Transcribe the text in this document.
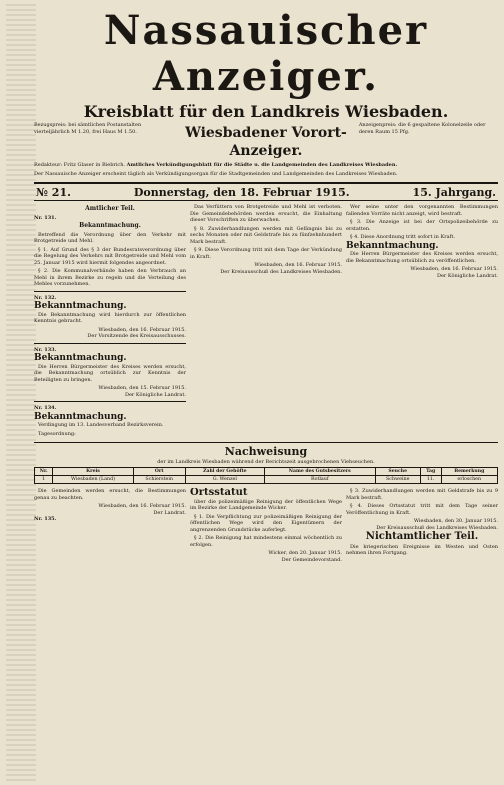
Nassauischer Anzeiger.
Kreisblatt für den Landkreis Wiesbaden.
Bezugspreis: bei sämtlichen Postanstalten vierteljährlich M 1.20, frei Haus M 1.50.	Wiesbadener Vorort-Anzeiger.
Anzeigenpreis: die 6 gespaltene Kolonelzeile oder deren Raum 15 Pfg.
Redakteur: Fritz Glaser in Biebrich. Amtliches Verkündigungsblatt für die Städte u. die Landgemeinden des Landkreises Wiesbaden.
Der Nassauische Anzeiger erscheint täglich als Verkündigungsorgan für die Stadtgemeinden und Landgemeinden des Landkreises Wiesbaden.
№ 21.	Donnerstag, den 18. Februar 1915.	15. Jahrgang.
Amtlicher Teil.
Nr. 131.
Bekanntmachung.

Betreffend die Verordnung über den Verkehr mit Brotgetreide und Mehl.

§ 1. Auf Grund des § 3 der Bundesratsverordnung über die Regelung des Verkehrs mit Brotgetreide und Mehl vom 25. Januar 1915 wird hiermit folgendes angeordnet.

§ 2. Die Kommunalverbände haben den Verbrauch an Mehl in ihrem Bezirke zu regeln und die Verteilung des Mehles vorzunehmen.

Nr. 132.
Bekanntmachung.

Die Bekanntmachung wird hierdurch zur öffentlichen Kenntnis gebracht.

Wiesbaden, den 16. Februar 1915.
Der Vorsitzende des Kreisausschusses.
Nr. 133.
Bekanntmachung.

Die Herren Bürgermeister des Kreises werden ersucht, die Bekanntmachung ortsüblich zur Kenntnis der Beteiligten zu bringen.

Wiesbaden, den 15. Februar 1915.
Der Königliche Landrat.
Nr. 134.
Bekanntmachung.

Verdingung im 13. Landesverband Bezirksverein.

Tagesordnung:

Das Verfüttern von Brotgetreide und Mehl ist verboten. Die Gemeindebehörden werden ersucht, die Einhaltung dieser Vorschriften zu überwachen.

§ 8. Zuwiderhandlungen werden mit Gefängnis bis zu sechs Monaten oder mit Geldstrafe bis zu fünfzehnhundert Mark bestraft.

§ 9. Diese Verordnung tritt mit dem Tage der Verkündung in Kraft.

Wiesbaden, den 16. Februar 1915.
Der Kreisausschuß des Landkreises Wiesbaden.

Wer seine unter den vorgenannten Bestimmungen fallenden Vorräte nicht anzeigt, wird bestraft.

§ 3. Die Anzeige ist bei der Ortspolizeibehörde zu erstatten.

§ 4. Diese Anordnung tritt sofort in Kraft.

Bekanntmachung.

Die Herren Bürgermeister des Kreises werden ersucht, die Bekanntmachung ortsüblich zu veröffentlichen.

Wiesbaden, den 16. Februar 1915.
Der Königliche Landrat.
Nachweisung
der im Landkreis Wiesbaden während der Berichtszeit ausgebrochenen Viehseuchen.
Nr.	Kreis	Ort	Zahl der Gehöfte	Name des Gutsbesitzers	Seuche	Tag	Bemerkung
1	Wiesbaden (Land)	Schierstein	G. Wenzel	Rotlauf	Schweine	11.	erloschen

Die Gemeinden werden ersucht, die Bestimmungen genau zu beachten.

Wiesbaden, den 16. Februar 1915.
Der Landrat.
Nr. 135.
Ortsstatut

über die polizeimäßige Reinigung der öffentlichen Wege im Bezirke der Landgemeinde Wicker.

§ 1. Die Verpflichtung zur polizeimäßigen Reinigung der öffentlichen Wege wird den Eigentümern der angrenzenden Grundstücke auferlegt.

§ 2. Die Reinigung hat mindestens einmal wöchentlich zu erfolgen.

Wicker, den 20. Januar 1915.
Der Gemeindevorstand.

§ 3. Zuwiderhandlungen werden mit Geldstrafe bis zu 9 Mark bestraft.

§ 4. Dieses Ortsstatut tritt mit dem Tage seiner Veröffentlichung in Kraft.

Wiesbaden, den 30. Januar 1915.
Der Kreisausschuß des Landkreises Wiesbaden.
Nichtamtlicher Teil.

Die kriegerischen Ereignisse im Westen und Osten nehmen ihren Fortgang.
